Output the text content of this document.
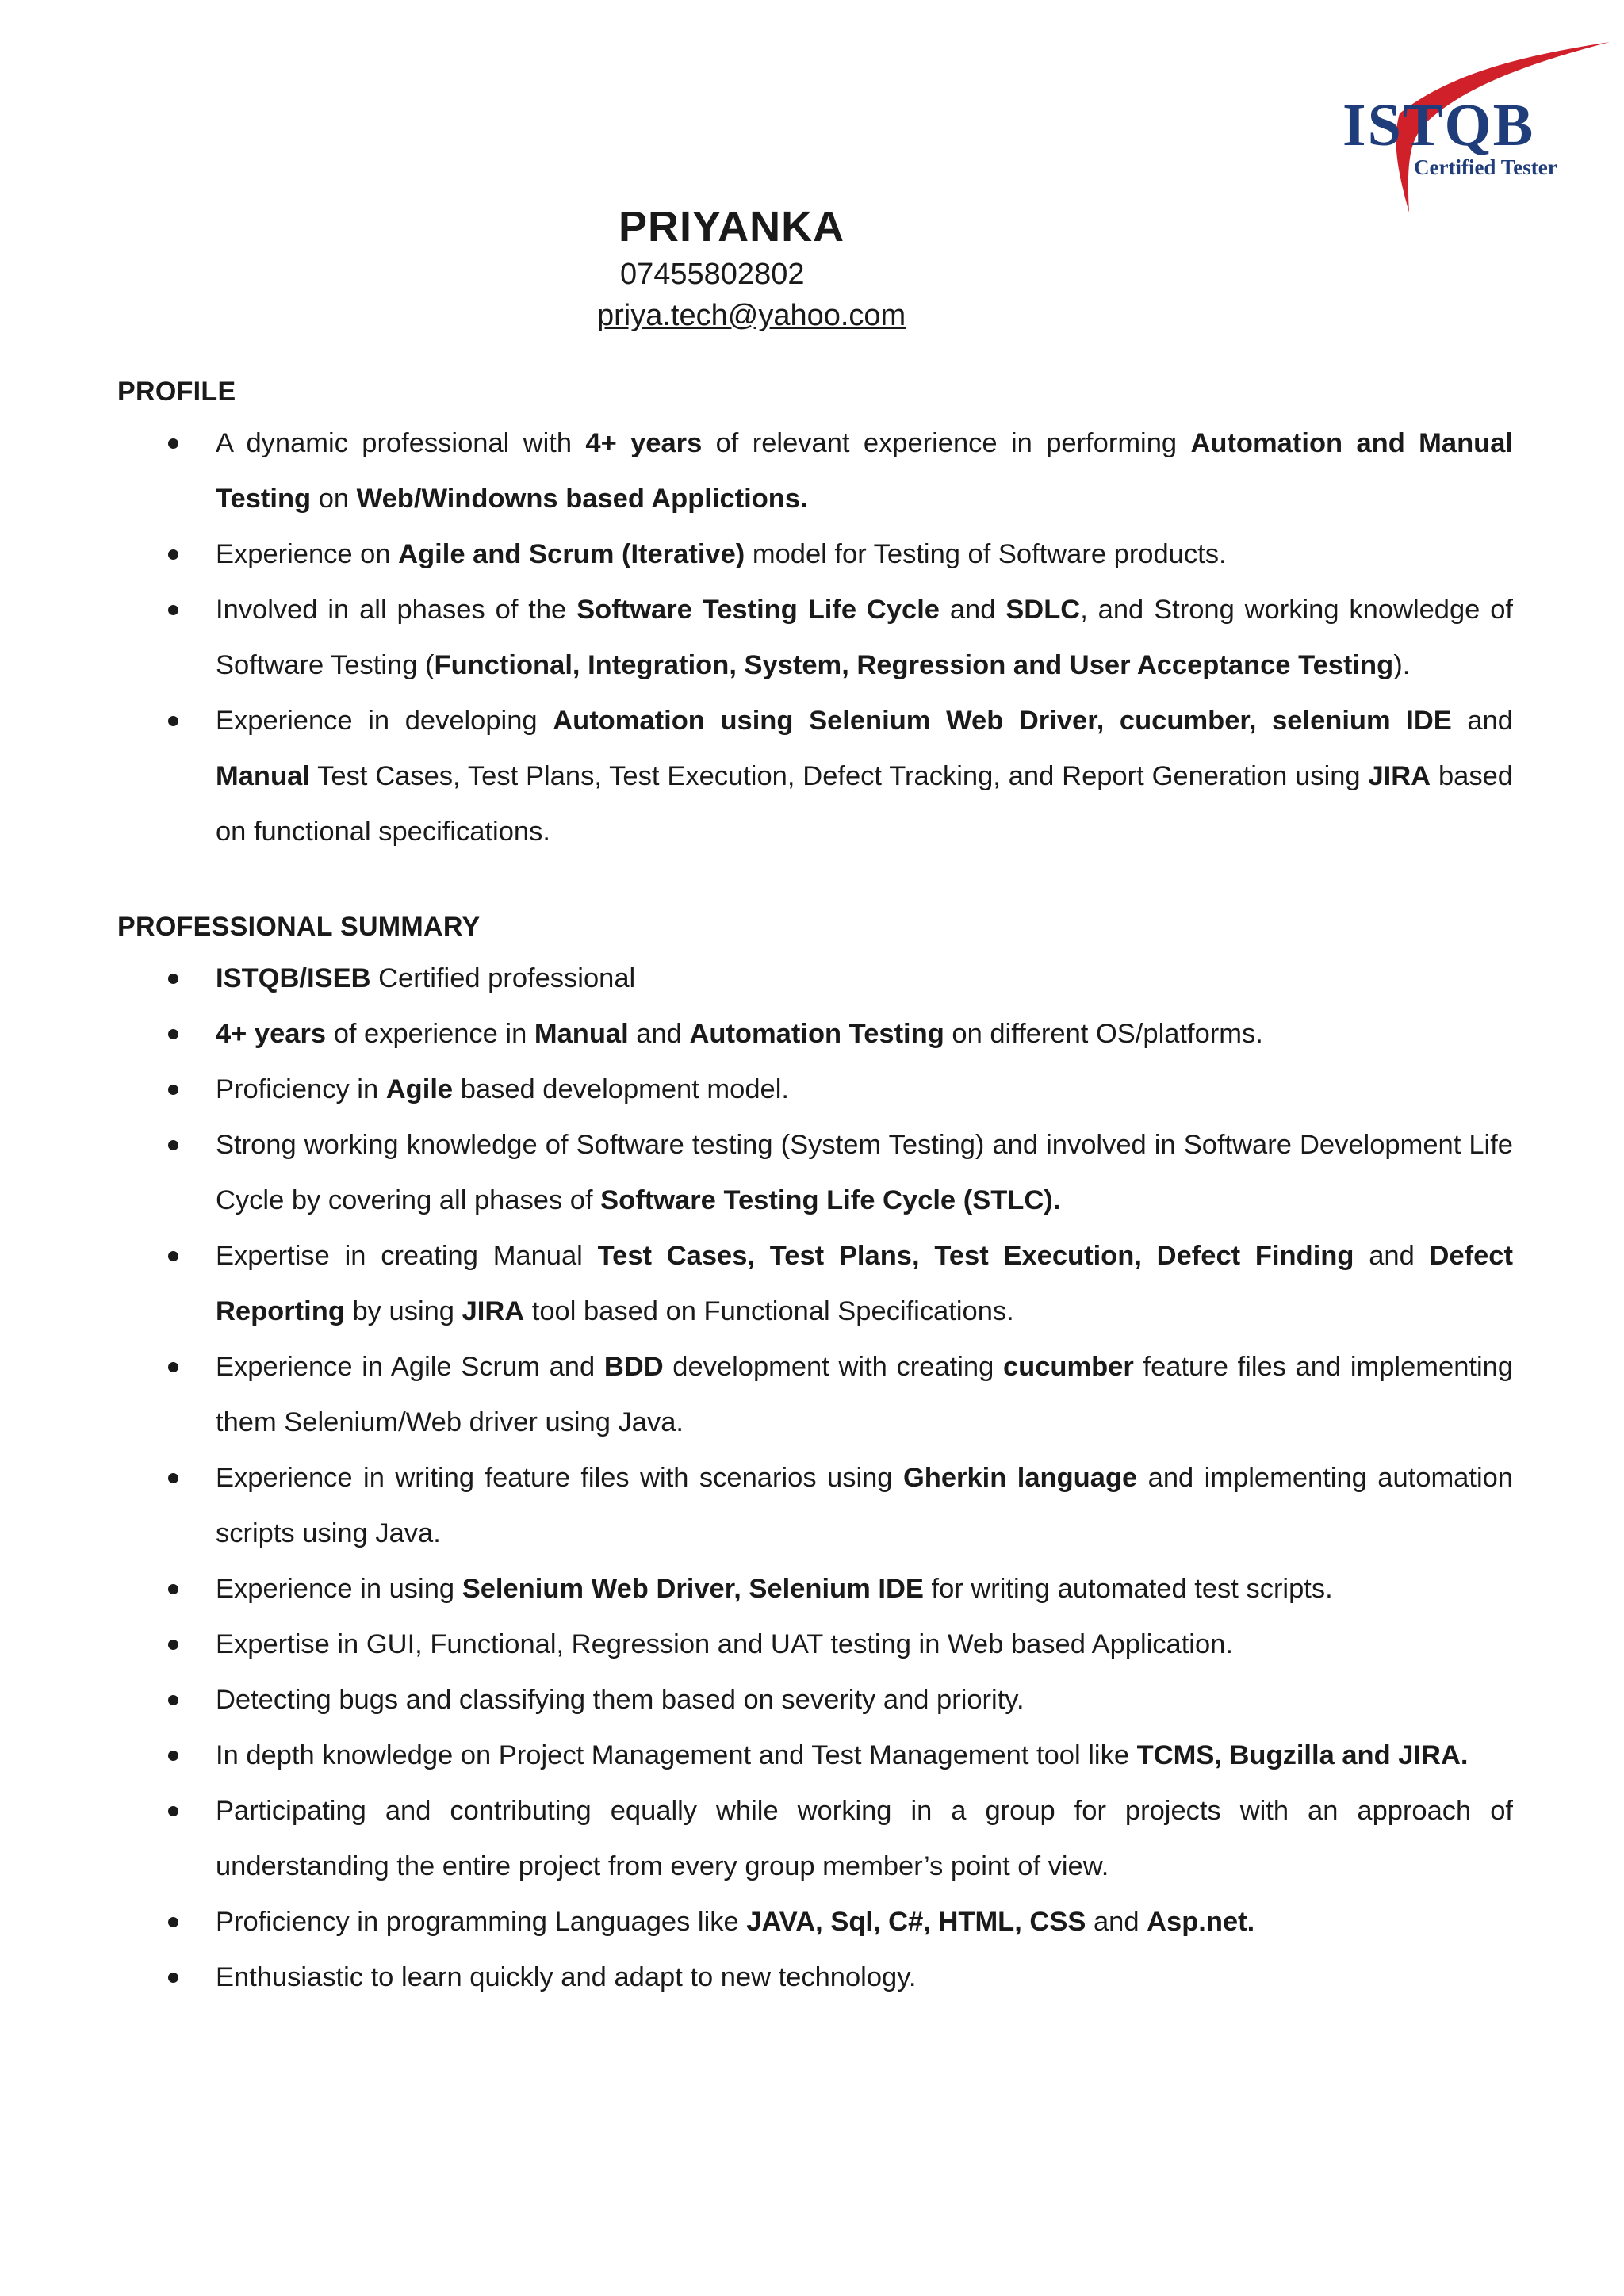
ISTQB
Certified Tester
PRIYANKA
07455802802
priya.tech@yahoo.com
PROFILE
A dynamic professional with 4+ years of relevant experience in performing Automation and Manual Testing on Web/Windowns based Applictions.
Experience on Agile and Scrum (Iterative) model for Testing of Software products.
Involved in all phases of the Software Testing Life Cycle and SDLC, and Strong working knowledge of Software Testing (Functional, Integration, System, Regression and User Acceptance Testing).
Experience in developing Automation using Selenium Web Driver, cucumber, selenium IDE and Manual Test Cases, Test Plans, Test Execution, Defect Tracking, and Report Generation using JIRA based on functional specifications.
PROFESSIONAL SUMMARY
ISTQB/ISEB Certified professional
4+ years of experience in Manual and Automation Testing on different OS/platforms.
Proficiency in Agile based development model.
Strong working knowledge of Software testing (System Testing) and involved in Software Development Life Cycle by covering all phases of Software Testing Life Cycle (STLC).
Expertise in creating Manual Test Cases, Test Plans, Test Execution, Defect Finding and Defect Reporting by using JIRA tool based on Functional Specifications.
Experience in Agile Scrum and BDD development with creating cucumber feature files and implementing them Selenium/Web driver using Java.
Experience in writing feature files with scenarios using Gherkin language and implementing automation scripts using Java.
Experience in using Selenium Web Driver, Selenium IDE for writing automated test scripts.
Expertise in GUI, Functional, Regression and UAT testing in Web based Application.
Detecting bugs and classifying them based on severity and priority.
In depth knowledge on Project Management and Test Management tool like TCMS, Bugzilla and JIRA.
Participating and contributing equally while working in a group for projects with an approach of understanding the entire project from every group member’s point of view.
Proficiency in programming Languages like JAVA, Sql, C#, HTML, CSS and Asp.net.
Enthusiastic to learn quickly and adapt to new technology.
